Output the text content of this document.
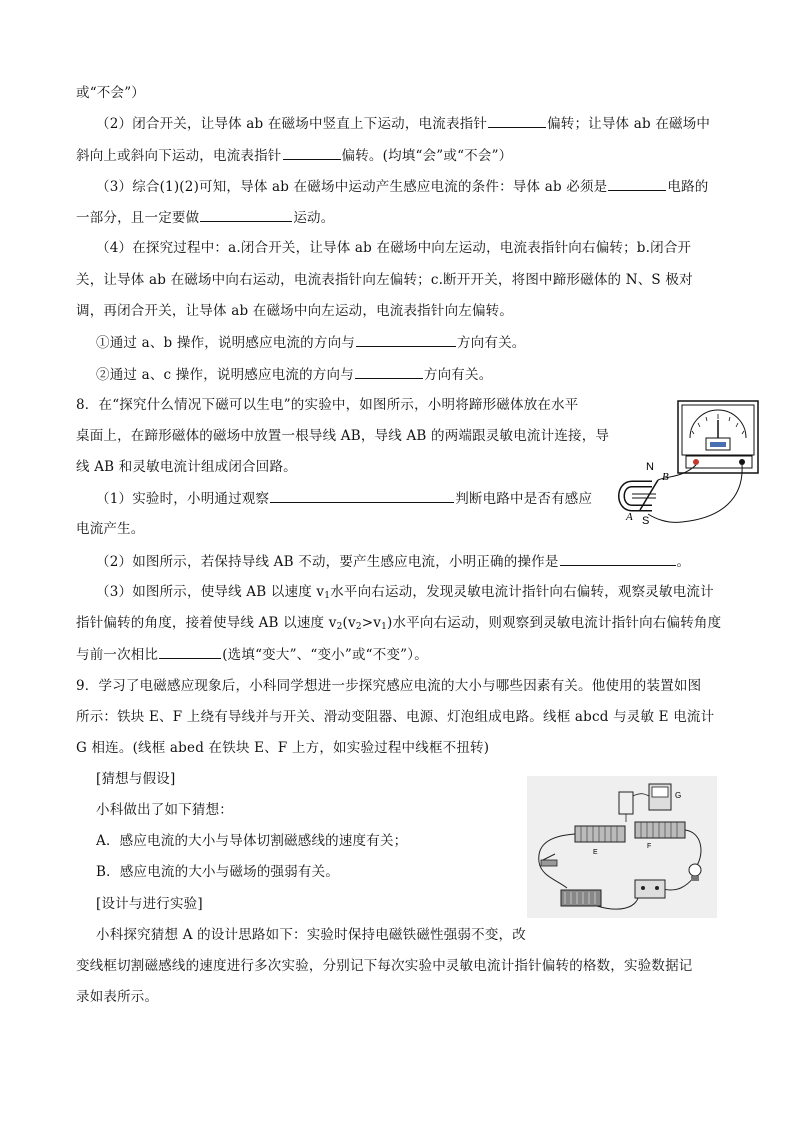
或“不会”）
（2）闭合开关，让导体 ab 在磁场中竖直上下运动，电流表指针	偏转；让导体 ab 在磁场中
斜向上或斜向下运动，电流表指针	偏转。(均填“会”或“不会”）
（3）综合(1)(2)可知，导体 ab 在磁场中运动产生感应电流的条件：导体 ab 必须是	电路的
一部分，且一定要做	运动。
（4）在探究过程中：a.闭合开关，让导体 ab 在磁场中向左运动，电流表指针向右偏转；b.闭合开
关，让导体 ab 在磁场中向右运动，电流表指针向左偏转；c.断开开关，将图中蹄形磁体的 N、S 极对
调，再闭合开关，让导体 ab 在磁场中向左运动，电流表指针向左偏转。
①通过 a、b 操作，说明感应电流的方向与	方向有关。
②通过 a、c 操作，说明感应电流的方向与	方向有关。
8．在“探究什么情况下磁可以生电”的实验中，如图所示，小明将蹄形磁体放在水平
桌面上，在蹄形磁体的磁场中放置一根导线 AB，导线 AB 的两端跟灵敏电流计连接，导
线 AB 和灵敏电流计组成闭合回路。
（1）实验时，小明通过观察	判断电路中是否有感应
电流产生。
（2）如图所示，若保持导线 AB 不动，要产生感应电流，小明正确的操作是	。
（3）如图所示，使导线 AB 以速度 $v_1$水平向右运动，发现灵敏电流计指针向右偏转，观察灵敏电流计
指针偏转的角度，接着使导线 AB 以速度 $v_2(v_2>v_1)$水平向右运动，则观察到灵敏电流计指针向右偏转角度
与前一次相比	(选填“变大”、“变小”或“不变”）。
9．学习了电磁感应现象后，小科同学想进一步探究感应电流的大小与哪些因素有关。他使用的装置如图
所示：铁块 E、F 上绕有导线并与开关、滑动变阻器、电源、灯泡组成电路。线框 abcd 与灵敏 E 电流计
G 相连。(线框 abed 在铁块 E、F 上方，如实验过程中线框不扭转)
[猜想与假设]
小科做出了如下猜想：
A．感应电流的大小与导体切割磁感线的速度有关；
B．感应电流的大小与磁场的强弱有关。
[设计与进行实验]
小科探究猜想 A 的设计思路如下：实验时保持电磁铁磁性强弱不变，改
变线框切割磁感线的速度进行多次实验，分别记下每次实验中灵敏电流计指针偏转的格数，实验数据记
录如表所示。
N
B
A S
G
E
F
